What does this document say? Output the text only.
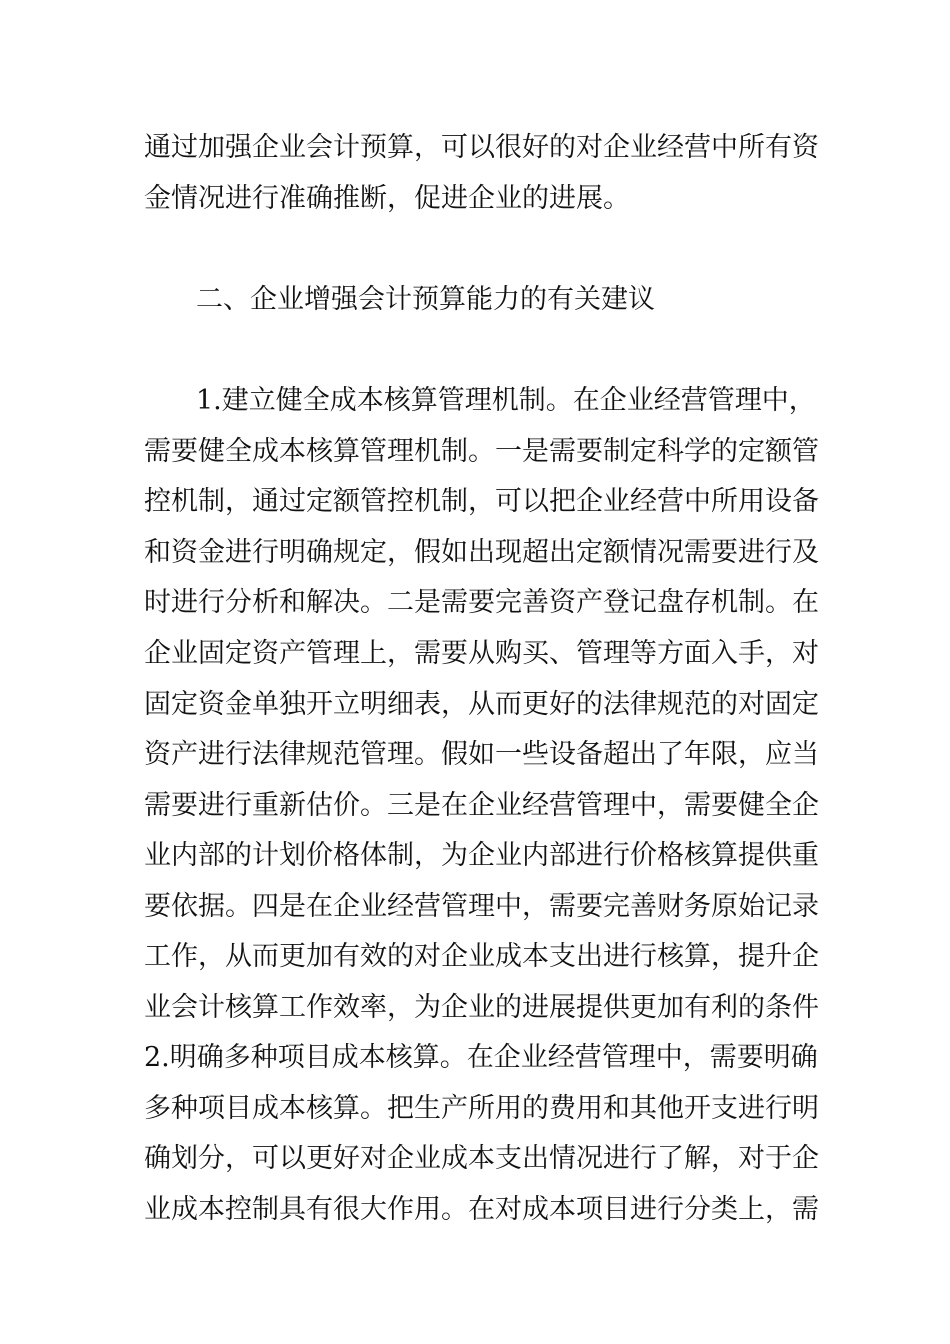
通过加强企业会计预算，可以很好的对企业经营中所有资
金情况进行准确推断，促进企业的进展。
二、企业增强会计预算能力的有关建议
1.建立健全成本核算管理机制。在企业经营管理中，
需要健全成本核算管理机制。一是需要制定科学的定额管
控机制，通过定额管控机制，可以把企业经营中所用设备
和资金进行明确规定，假如出现超出定额情况需要进行及
时进行分析和解决。二是需要完善资产登记盘存机制。在
企业固定资产管理上，需要从购买、管理等方面入手，对
固定资金单独开立明细表，从而更好的法律规范的对固定
资产进行法律规范管理。假如一些设备超出了年限，应当
需要进行重新估价。三是在企业经营管理中，需要健全企
业内部的计划价格体制，为企业内部进行价格核算提供重
要依据。四是在企业经营管理中，需要完善财务原始记录
工作，从而更加有效的对企业成本支出进行核算，提升企
业会计核算工作效率，为企业的进展提供更加有利的条件
2.明确多种项目成本核算。在企业经营管理中，需要明确
多种项目成本核算。把生产所用的费用和其他开支进行明
确划分，可以更好对企业成本支出情况进行了解，对于企
业成本控制具有很大作用。在对成本项目进行分类上，需
